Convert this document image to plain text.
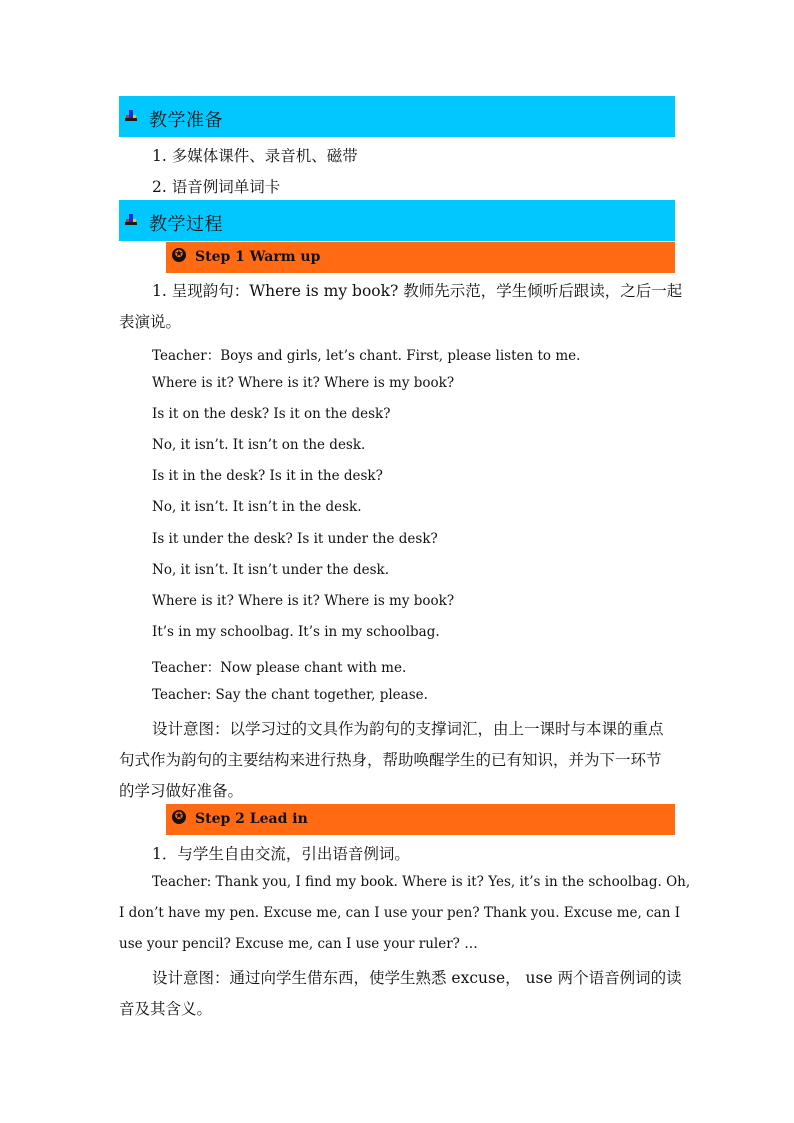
教学准备
1. 多媒体课件、录音机、磁带
2. 语音例词单词卡
教学过程
✪ Step 1 Warm up
1. 呈现韵句：Where is my book? 教师先示范，学生倾听后跟读，之后一起
表演说。
Teacher：Boys and girls, let’s chant. First, please listen to me.
Where is it? Where is it? Where is my book?
Is it on the desk? Is it on the desk?
No, it isn’t. It isn’t on the desk.
Is it in the desk? Is it in the desk?
No, it isn’t. It isn’t in the desk.
Is it under the desk? Is it under the desk?
No, it isn’t. It isn’t under the desk.
Where is it? Where is it? Where is my book?
It’s in my schoolbag. It’s in my schoolbag.
Teacher：Now please chant with me.
Teacher: Say the chant together, please.
设计意图：以学习过的文具作为韵句的支撑词汇，由上一课时与本课的重点
句式作为韵句的主要结构来进行热身，帮助唤醒学生的已有知识，并为下一环节
的学习做好准备。
✪ Step 2 Lead in
1．与学生自由交流，引出语音例词。
Teacher: Thank you, I find my book. Where is it? Yes, it’s in the schoolbag. Oh,
I don’t have my pen. Excuse me, can I use your pen? Thank you. Excuse me, can I
use your pencil? Excuse me, can I use your ruler? …
设计意图：通过向学生借东西，使学生熟悉 excuse， use 两个语音例词的读
音及其含义。
